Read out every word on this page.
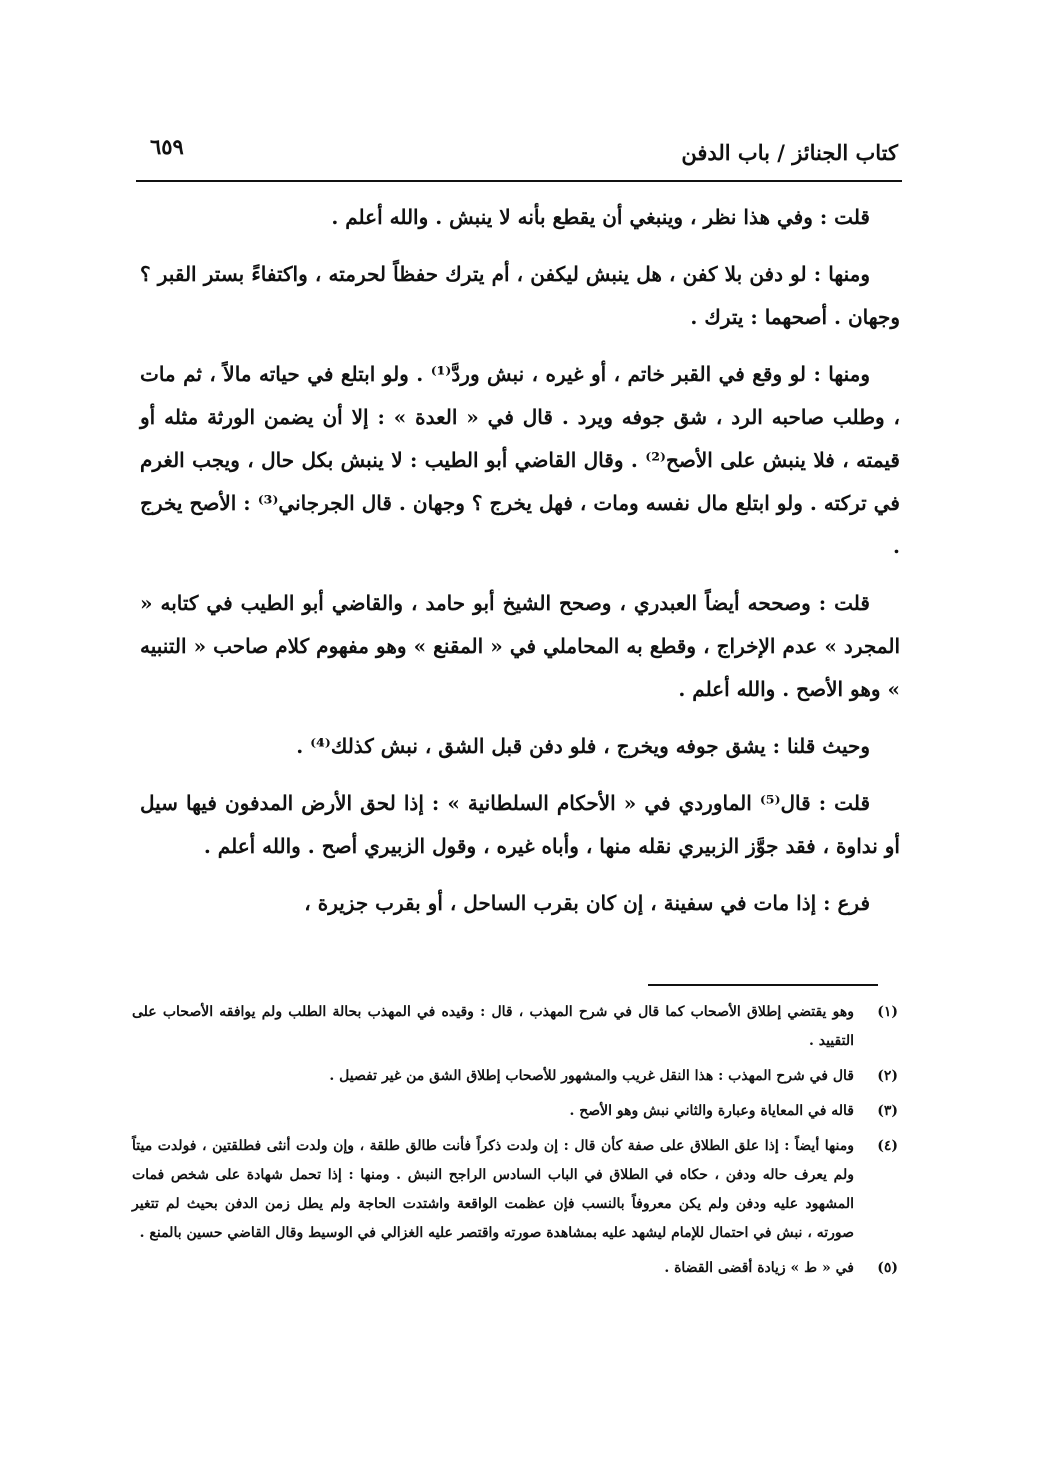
كتاب الجنائز / باب الدفن
٦٥٩

قلت : وفي هذا نظر ، وينبغي أن يقطع بأنه لا ينبش . والله أعلم .

ومنها : لو دفن بلا كفن ، هل ينبش ليكفن ، أم يترك حفظاً لحرمته ، واكتفاءً بستر القبر ؟ وجهان . أصحهما : يترك .

ومنها : لو وقع في القبر خاتم ، أو غيره ، نبش وردَّ⁽¹⁾ . ولو ابتلع في حياته مالاً ، ثم مات ، وطلب صاحبه الرد ، شق جوفه ويرد . قال في « العدة » : إلا أن يضمن الورثة مثله أو قيمته ، فلا ينبش على الأصح⁽²⁾ . وقال القاضي أبو الطيب : لا ينبش بكل حال ، ويجب الغرم في تركته . ولو ابتلع مال نفسه ومات ، فهل يخرج ؟ وجهان . قال الجرجاني⁽³⁾ : الأصح يخرج .

قلت : وصححه أيضاً العبدري ، وصحح الشيخ أبو حامد ، والقاضي أبو الطيب في كتابه « المجرد » عدم الإخراج ، وقطع به المحاملي في « المقنع » وهو مفهوم كلام صاحب « التنبيه » وهو الأصح . والله أعلم .

وحيث قلنا : يشق جوفه ويخرج ، فلو دفن قبل الشق ، نبش كذلك⁽⁴⁾ .

قلت : قال⁽⁵⁾ الماوردي في « الأحكام السلطانية » : إذا لحق الأرض المدفون فيها سيل أو نداوة ، فقد جوَّز الزبيري نقله منها ، وأباه غيره ، وقول الزبيري أصح . والله أعلم .

فرع : إذا مات في سفينة ، إن كان بقرب الساحل ، أو بقرب جزيرة ،

(١)
وهو يقتضي إطلاق الأصحاب كما قال في شرح المهذب ، قال : وقيده في المهذب بحالة الطلب ولم يوافقه الأصحاب على التقييد .
(٢)
قال في شرح المهذب : هذا النقل غريب والمشهور للأصحاب إطلاق الشق من غير تفصيل .
(٣)
قاله في المعاياة وعبارة والثاني نبش وهو الأصح .
(٤)
ومنها أيضاً : إذا علق الطلاق على صفة كأن قال : إن ولدت ذكراً فأنت طالق طلقة ، وإن ولدت أنثى فطلقتين ، فولدت ميتاً ولم يعرف حاله ودفن ، حكاه في الطلاق في الباب السادس الراجح النبش . ومنها : إذا تحمل شهادة على شخص فمات المشهود عليه ودفن ولم يكن معروفاً بالنسب فإن عظمت الواقعة واشتدت الحاجة ولم يطل زمن الدفن بحيث لم تتغير صورته ، نبش في احتمال للإمام ليشهد عليه بمشاهدة صورته واقتصر عليه الغزالي في الوسيط وقال القاضي حسين بالمنع .
(٥)
في « ط » زيادة أقضى القضاة .
